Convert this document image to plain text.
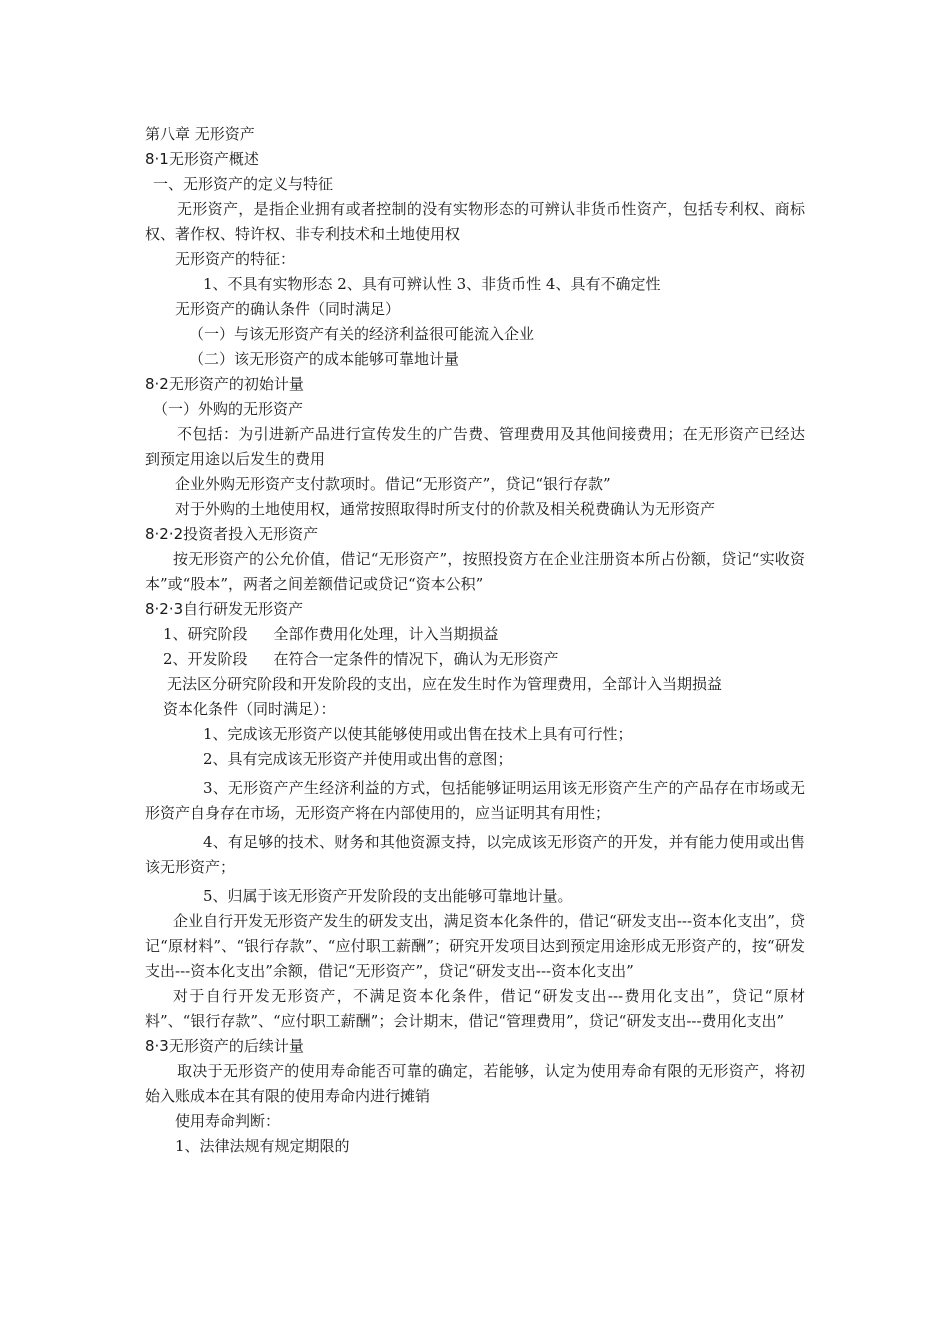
第八章 无形资产

8·1无形资产概述

一、无形资产的定义与特征

无形资产，是指企业拥有或者控制的没有实物形态的可辨认非货币性资产，包括专利权、商标权、著作权、特许权、非专利技术和土地使用权

无形资产的特征：

1、不具有实物形态 2、具有可辨认性 3、非货币性 4、具有不确定性

无形资产的确认条件（同时满足）

（一）与该无形资产有关的经济利益很可能流入企业

（二）该无形资产的成本能够可靠地计量

8·2无形资产的初始计量

（一）外购的无形资产

不包括：为引进新产品进行宣传发生的广告费、管理费用及其他间接费用；在无形资产已经达到预定用途以后发生的费用

企业外购无形资产支付款项时。借记“无形资产”，贷记“银行存款”

对于外购的土地使用权，通常按照取得时所支付的价款及相关税费确认为无形资产

8·2·2投资者投入无形资产

按无形资产的公允价值，借记“无形资产”，按照投资方在企业注册资本所占份额，贷记“实收资本”或“股本”，两者之间差额借记或贷记“资本公积”

8·2·3自行研发无形资产

1、研究阶段 全部作费用化处理，计入当期损益

2、开发阶段 在符合一定条件的情况下，确认为无形资产

无法区分研究阶段和开发阶段的支出，应在发生时作为管理费用，全部计入当期损益

资本化条件（同时满足）：

1、完成该无形资产以使其能够使用或出售在技术上具有可行性；

2、具有完成该无形资产并使用或出售的意图；

3、无形资产产生经济利益的方式，包括能够证明运用该无形资产生产的产品存在市场或无形资产自身存在市场，无形资产将在内部使用的，应当证明其有用性；

4、有足够的技术、财务和其他资源支持，以完成该无形资产的开发，并有能力使用或出售该无形资产；

5、归属于该无形资产开发阶段的支出能够可靠地计量。

企业自行开发无形资产发生的研发支出，满足资本化条件的，借记“研发支出---资本化支出”，贷记“原材料”、“银行存款”、“应付职工薪酬”；研究开发项目达到预定用途形成无形资产的，按“研发支出---资本化支出”余额，借记“无形资产”，贷记“研发支出---资本化支出”

对于自行开发无形资产，不满足资本化条件，借记“研发支出---费用化支出”，贷记“原材料”、“银行存款”、“应付职工薪酬”；会计期末，借记“管理费用”，贷记“研发支出---费用化支出”

8·3无形资产的后续计量

取决于无形资产的使用寿命能否可靠的确定，若能够，认定为使用寿命有限的无形资产，将初始入账成本在其有限的使用寿命内进行摊销

使用寿命判断：

1、法律法规有规定期限的
